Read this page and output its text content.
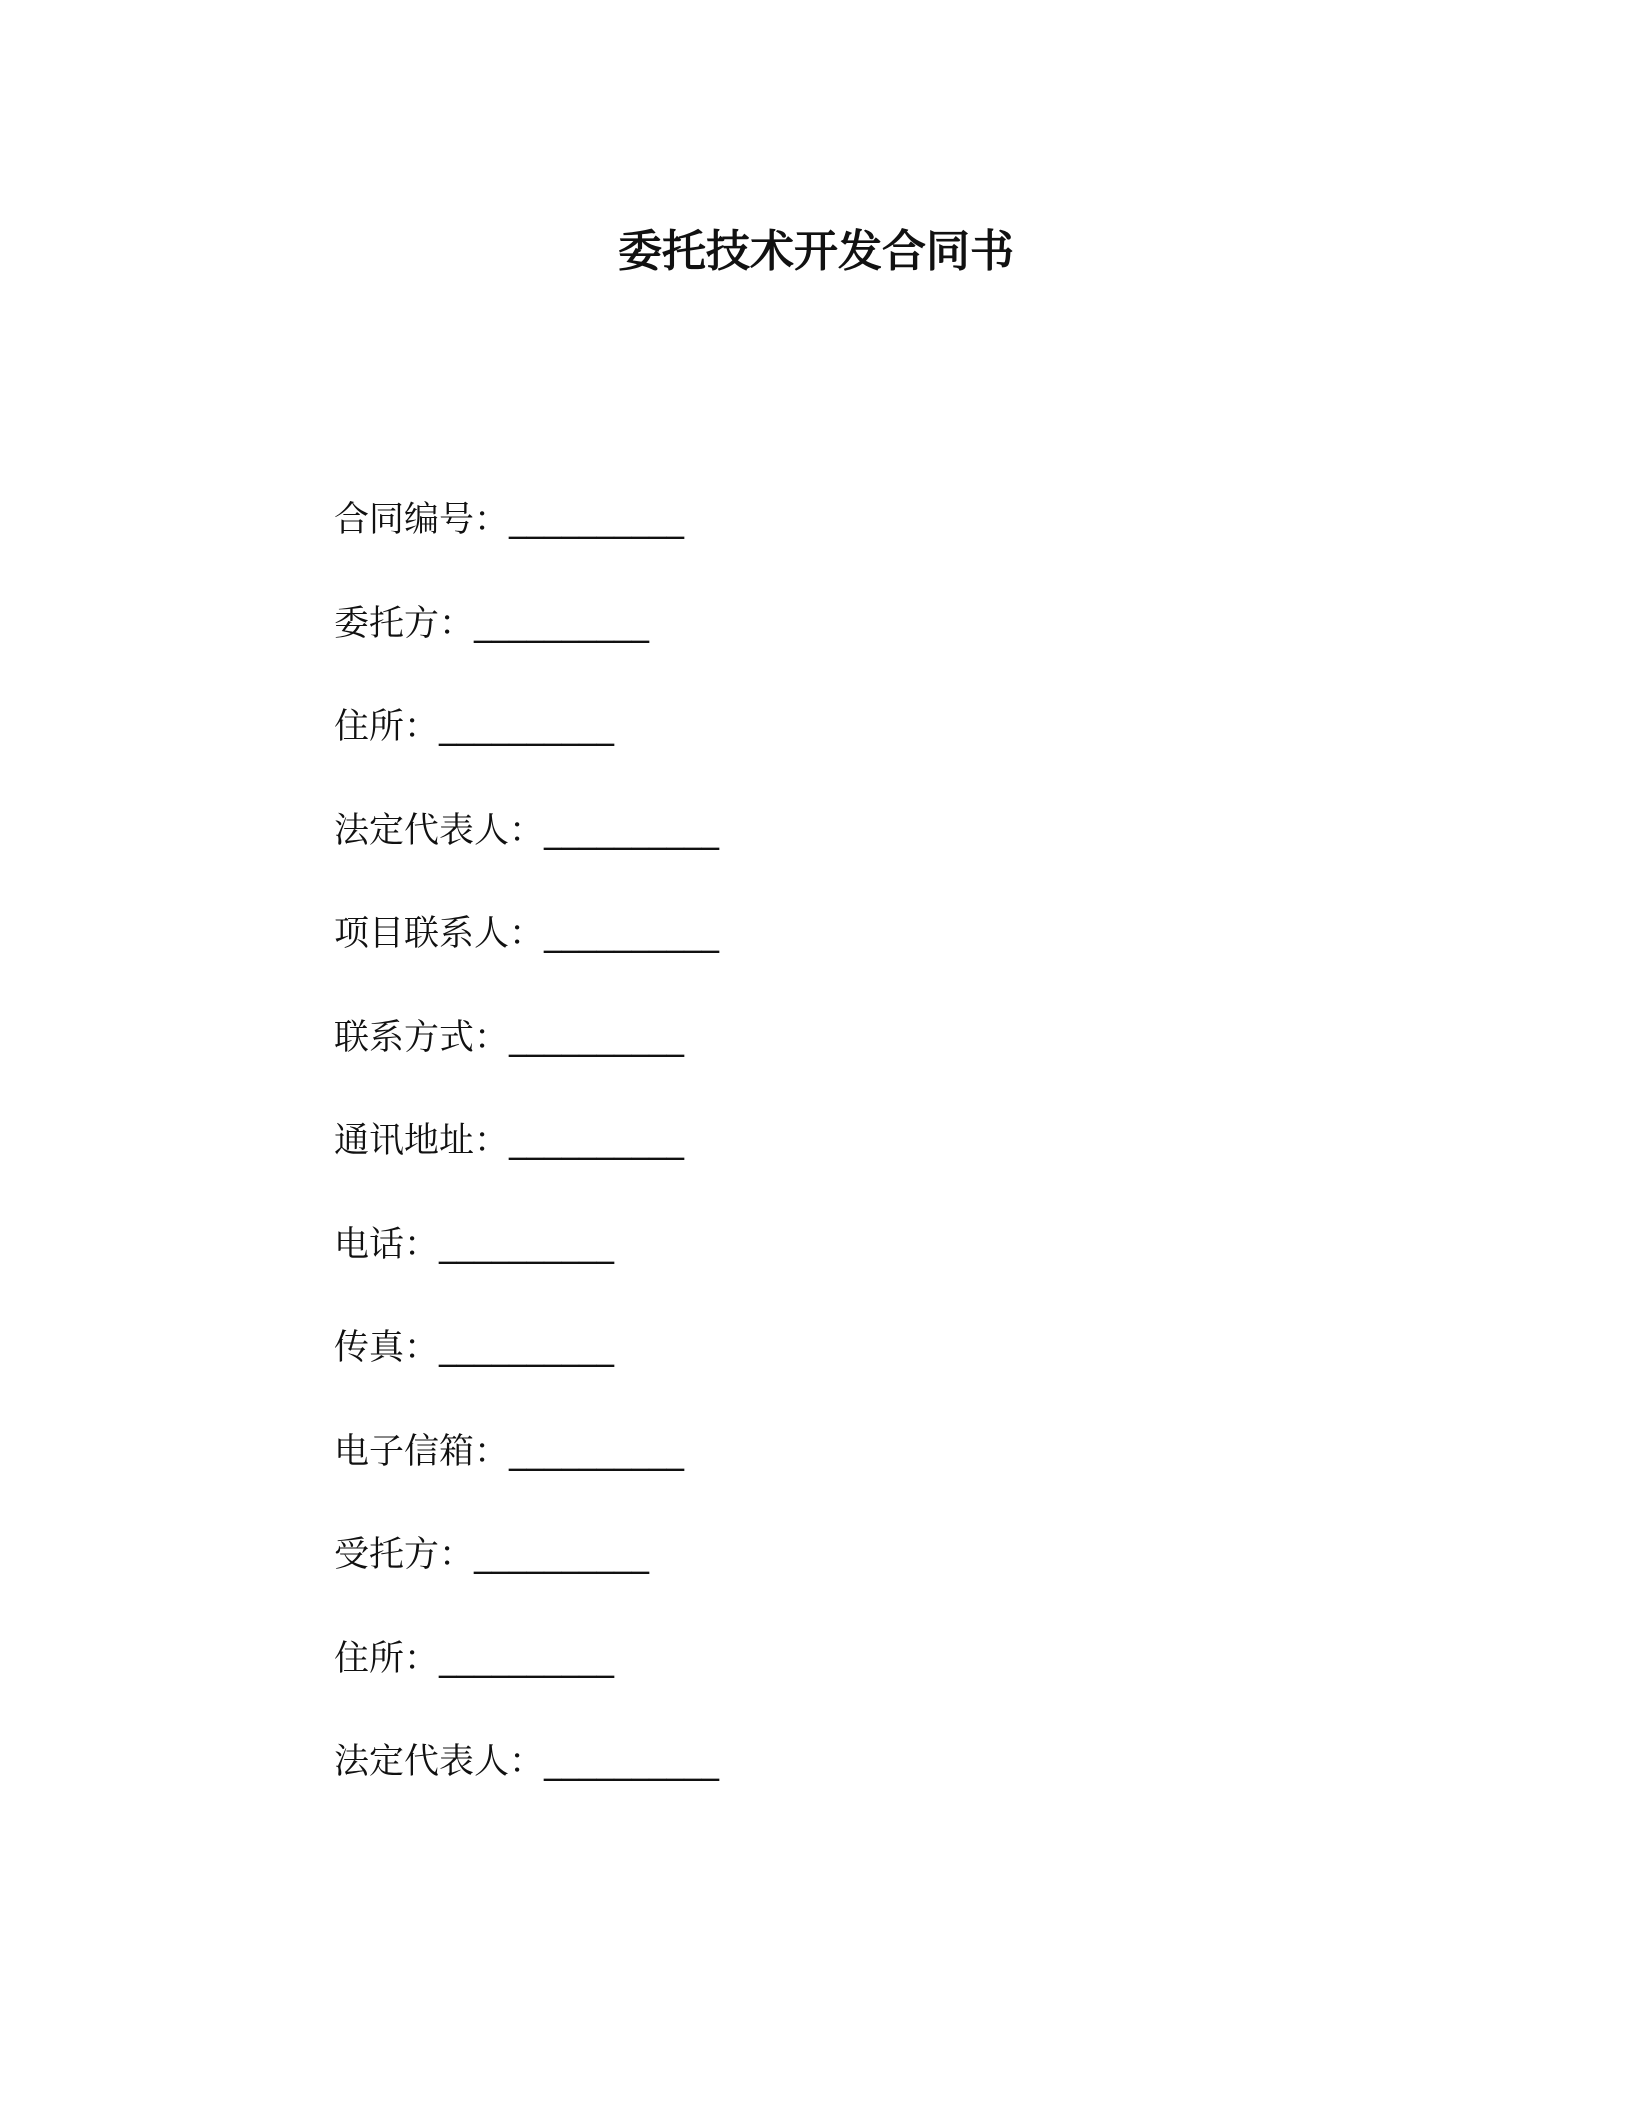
委托技术开发合同书
合同编号：__________
委托方：__________
住所：__________
法定代表人：__________
项目联系人：__________
联系方式：__________
通讯地址：__________
电话：__________
传真：__________
电子信箱：__________
受托方：__________
住所：__________
法定代表人：__________
